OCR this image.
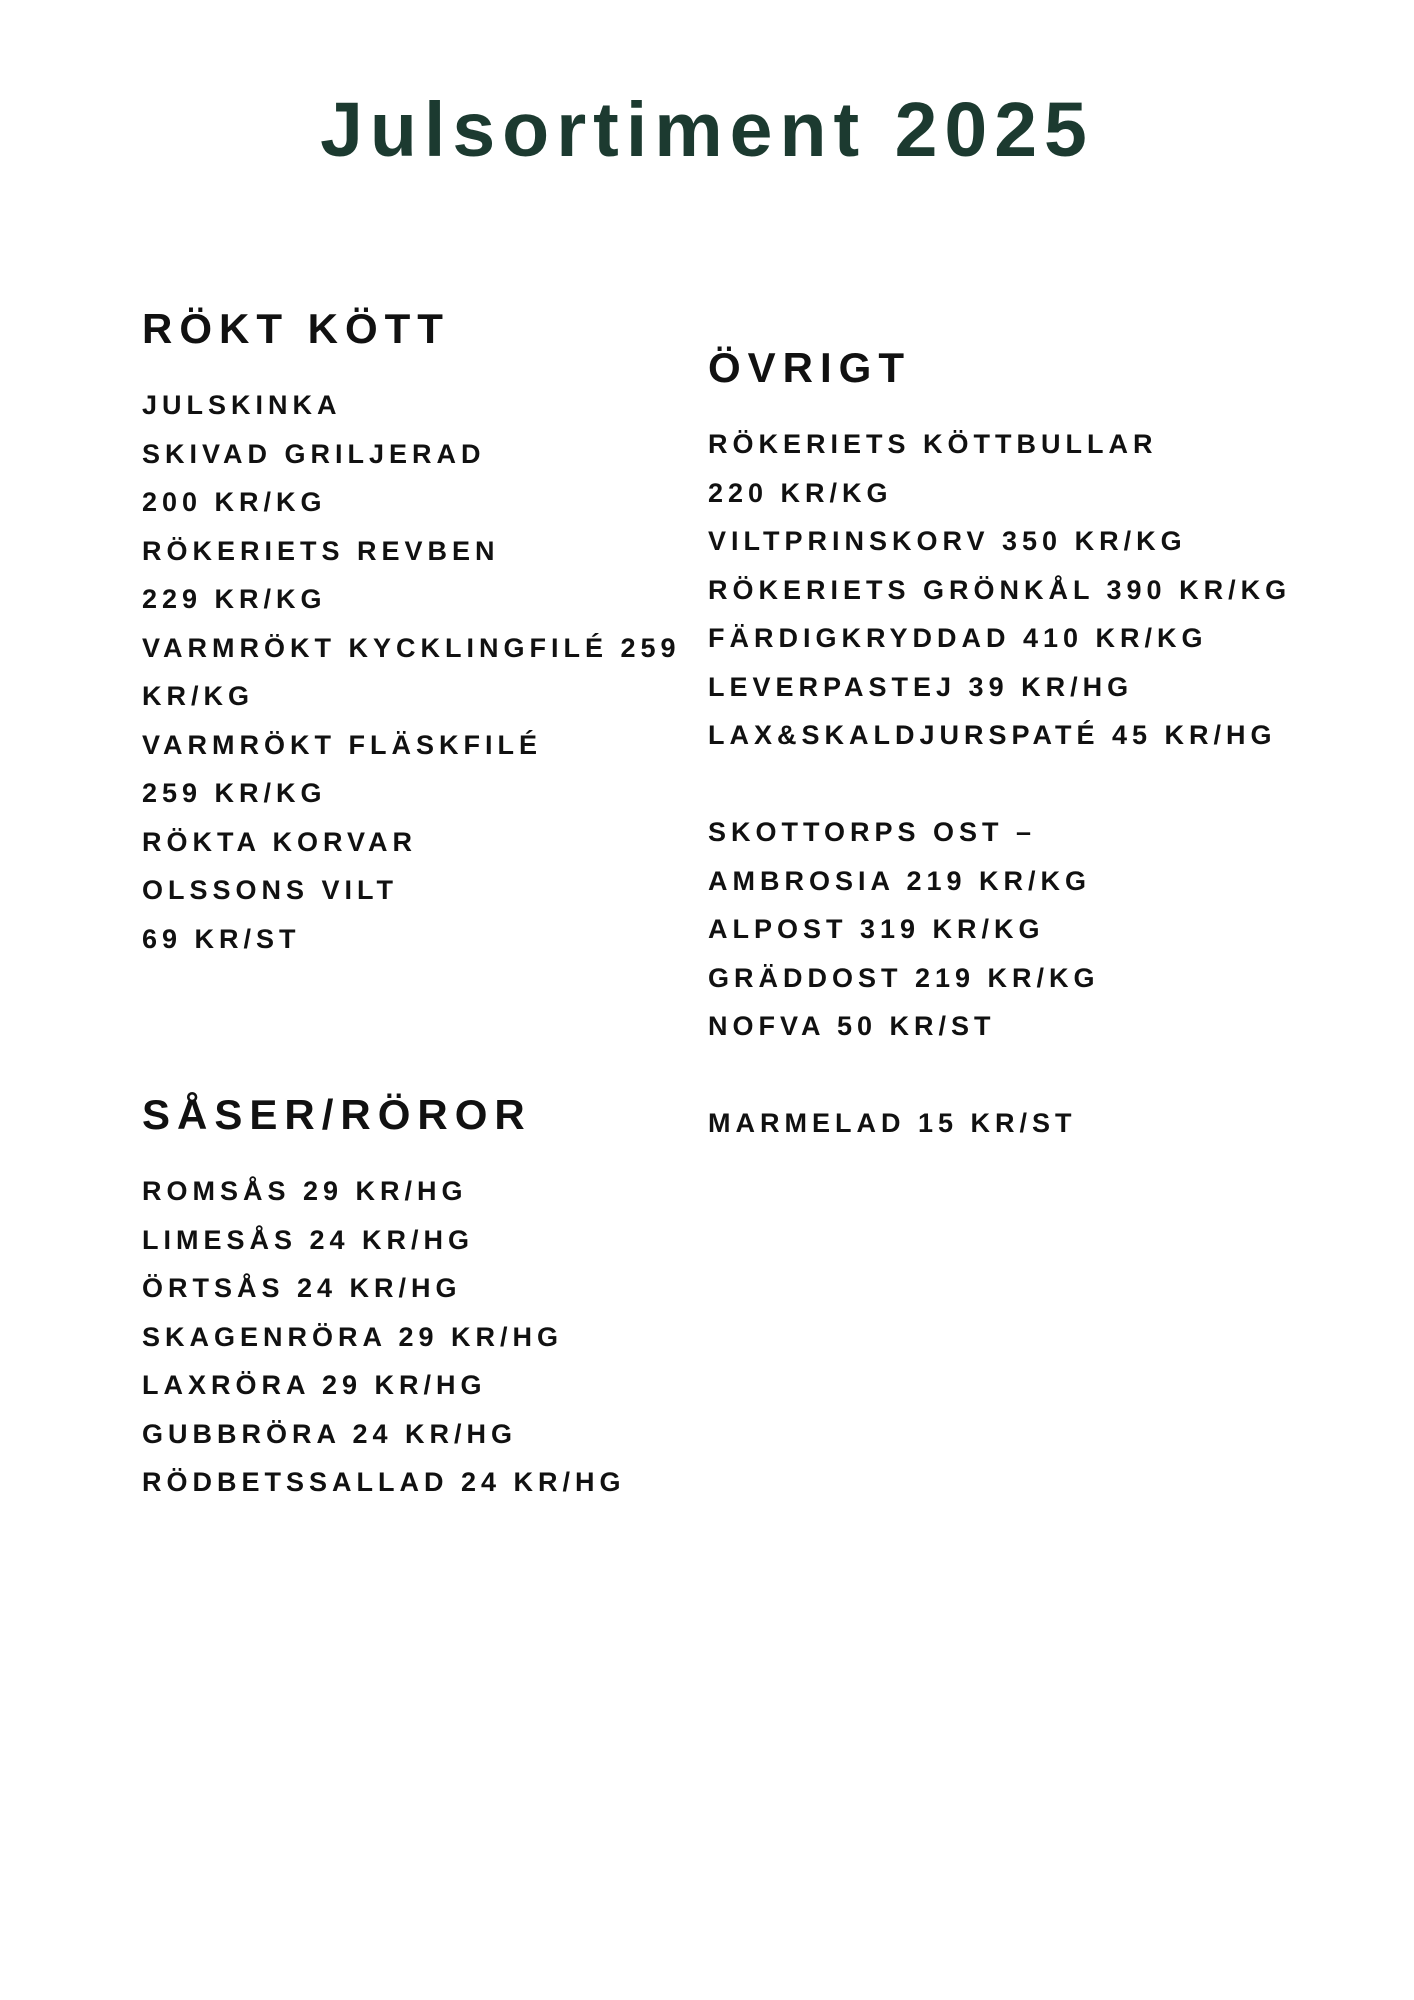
Julsortiment 2025
RÖKT KÖTT
JULSKINKA
SKIVAD GRILJERAD
200 KR/KG
RÖKERIETS REVBEN
229 KR/KG
VARMRÖKT KYCKLINGFILÉ 259
KR/KG
VARMRÖKT FLÄSKFILÉ
259 KR/KG
RÖKTA KORVAR
OLSSONS VILT
69 KR/ST
SÅSER/RÖROR
ROMSÅS 29 KR/HG
LIMESÅS 24 KR/HG
ÖRTSÅS 24 KR/HG
SKAGENRÖRA 29 KR/HG
LAXRÖRA 29 KR/HG
GUBBRÖRA 24 KR/HG
RÖDBETSSALLAD 24 KR/HG
ÖVRIGT
RÖKERIETS KÖTTBULLAR
220 KR/KG
VILTPRINSKORV 350 KR/KG
RÖKERIETS GRÖNKÅL 390 KR/KG
FÄRDIGKRYDDAD 410 KR/KG
LEVERPASTEJ 39 KR/HG
LAX&SKALDJURSPATÉ 45 KR/HG
SKOTTORPS OST –
AMBROSIA 219 KR/KG
ALPOST 319 KR/KG
GRÄDDOST 219 KR/KG
NOFVA 50 KR/ST
MARMELAD 15 KR/ST
